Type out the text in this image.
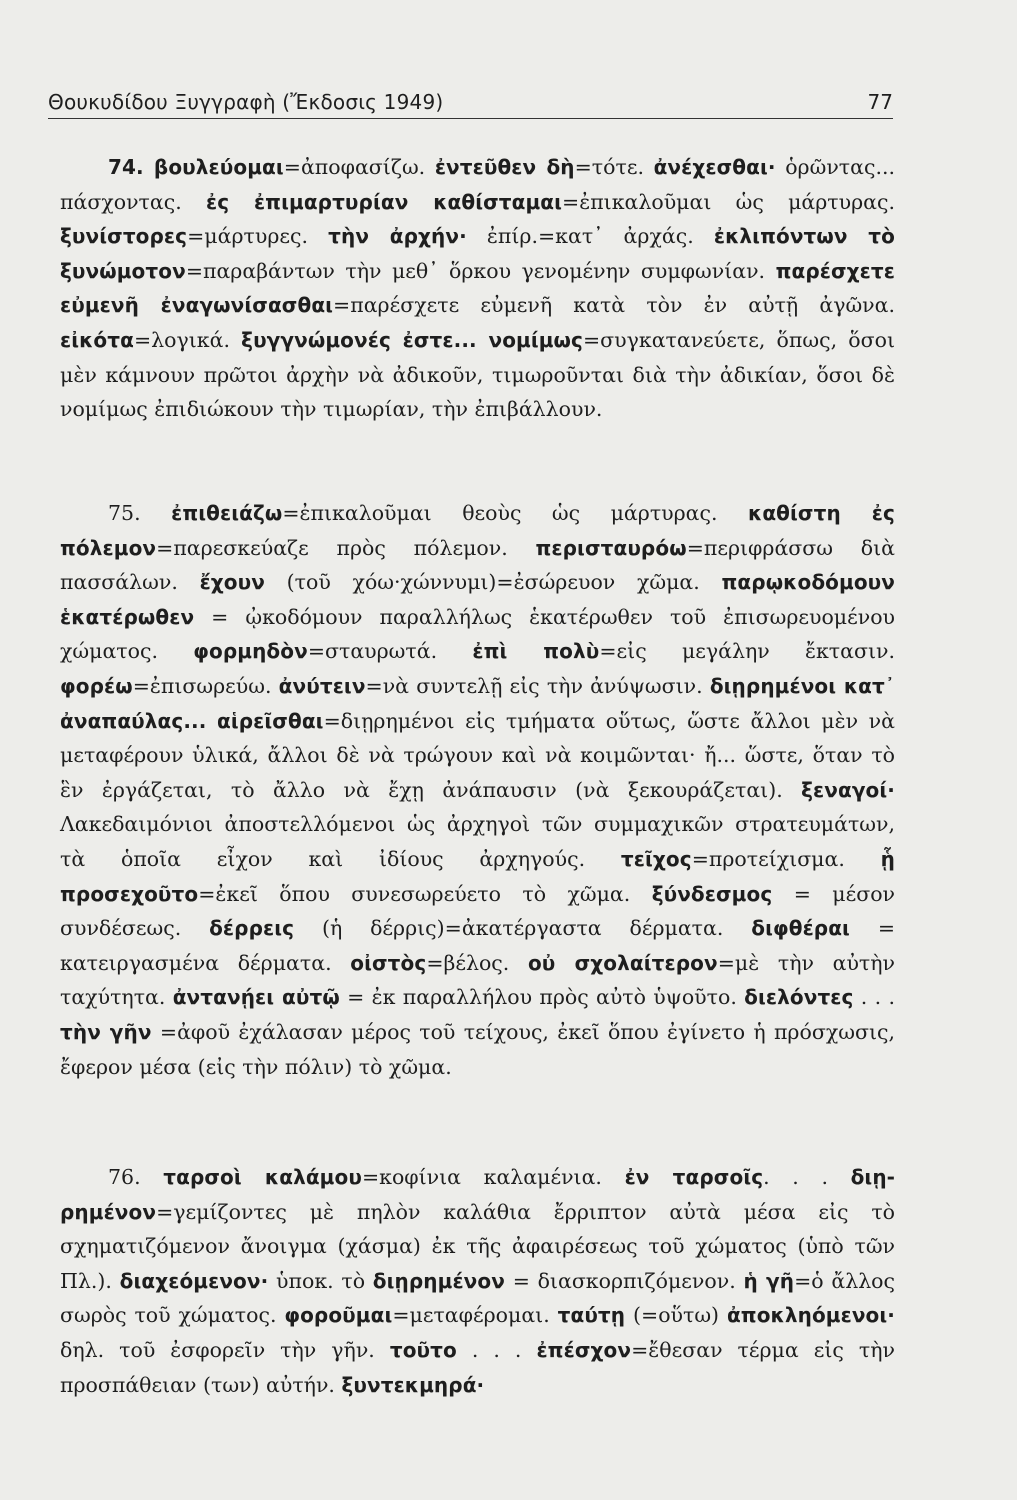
Θουκυδίδου Ξυγγραφὴ (Ἔκδοσις 1949)	77

74. βουλεύομαι=ἀποφασίζω. ἐντεῦθεν δὴ=τότε. ἀνέχεσθαι· ὁρῶντας... πάσχοντας. ἐς ἐπιμαρτυρίαν καθίσταμαι=ἐπικαλοῦμαι ὡς μάρτυρας. ξυνίστορες=μάρτυρες. τὴν ἀρχήν· ἐπίρ.=κατ᾽ ἀρχάς. ἐκλιπόντων τὸ ξυνώμοτον=παραβάντων τὴν μεθ᾽ ὅρκου γενομένην συμφωνίαν. παρέσχετε εὐμενῆ ἐναγωνίσασθαι=παρέσχετε εὐμενῆ κατὰ τὸν ἐν αὐτῇ ἀγῶνα. εἰκότα=λογικά. ξυγγνώμονές ἐστε... νομίμως=συγκατανεύετε, ὅπως, ὅσοι μὲν κάμνουν πρῶτοι ἀρχὴν νὰ ἀδικοῦν, τιμωροῦνται διὰ τὴν ἀδικίαν, ὅσοι δὲ νομίμως ἐπιδιώκουν τὴν τιμωρίαν, τὴν ἐπιβάλλουν.

75. ἐπιθειάζω=ἐπικαλοῦμαι θεοὺς ὡς μάρτυρας. καθίστη ἐς πόλεμον=παρεσκεύαζε πρὸς πόλεμον. περισταυρόω=περιφράσσω διὰ πασσάλων. ἔχουν (τοῦ χόω·χώννυμι)=ἐσώρευον χῶμα. παρῳκοδόμουν ἑκατέρωθεν = ᾠκοδόμουν παραλλήλως ἑκατέρωθεν τοῦ ἐπισωρευομένου χώματος. φορμηδὸν=σταυρωτά. ἐπὶ πολὺ=εἰς μεγάλην ἔκτασιν. φορέω=ἐπισωρεύω. ἀνύτειν=νὰ συντελῇ εἰς τὴν ἀνύψωσιν. διῃρημένοι κατ᾽ ἀναπαύλας... αἱρεῖσθαι=διῃρημένοι εἰς τμήματα οὕτως, ὥστε ἄλλοι μὲν νὰ μεταφέρουν ὑλικά, ἄλλοι δὲ νὰ τρώγουν καὶ νὰ κοιμῶνται· ἤ... ὥστε, ὅταν τὸ ἓν ἐργάζεται, τὸ ἄλλο νὰ ἔχῃ ἀνάπαυσιν (νὰ ξεκουράζεται). ξεναγοί· Λακεδαιμόνιοι ἀποστελλόμενοι ὡς ἀρχηγοὶ τῶν συμμαχικῶν στρατευμάτων, τὰ ὁποῖα εἶχον καὶ ἰδίους ἀρχηγούς. τεῖχος=προτείχισμα. ᾗ προσεχοῦτο=ἐκεῖ ὅπου συνεσωρεύετο τὸ χῶμα. ξύνδεσμος = μέσον συνδέσεως. δέρρεις (ἡ δέρρις)=ἀκατέργαστα δέρματα. διφθέραι = κατειργασμένα δέρματα. οἰστὸς=βέλος. οὐ σχολαίτερον=μὲ τὴν αὐτὴν ταχύτητα. ἀντανῄει αὐτῷ = ἐκ παραλλήλου πρὸς αὐτὸ ὑψοῦτο. διελόντες . . . τὴν γῆν =ἀφοῦ ἐχάλασαν μέρος τοῦ τείχους, ἐκεῖ ὅπου ἐγίνετο ἡ πρόσχωσις, ἔφερον μέσα (εἰς τὴν πόλιν) τὸ χῶμα.

76. ταρσοὶ καλάμου=κοφίνια καλαμένια. ἐν ταρσοῖς. . . διῃρημένον=γεμίζοντες μὲ πηλὸν καλάθια ἔρριπτον αὐτὰ μέσα εἰς τὸ σχηματιζόμενον ἄνοιγμα (χάσμα) ἐκ τῆς ἀφαιρέσεως τοῦ χώματος (ὑπὸ τῶν Πλ.). διαχεόμενον· ὑποκ. τὸ διῃρημένον = διασκορπιζόμενον. ἡ γῆ=ὁ ἄλλος σωρὸς τοῦ χώματος. φοροῦμαι=μεταφέρομαι. ταύτῃ (=οὕτω) ἀποκληόμενοι· δηλ. τοῦ ἐσφορεῖν τὴν γῆν. τοῦτο . . . ἐπέσχον=ἔθεσαν τέρμα εἰς τὴν προσπάθειαν (των) αὐτήν. ξυντεκμηρά·
